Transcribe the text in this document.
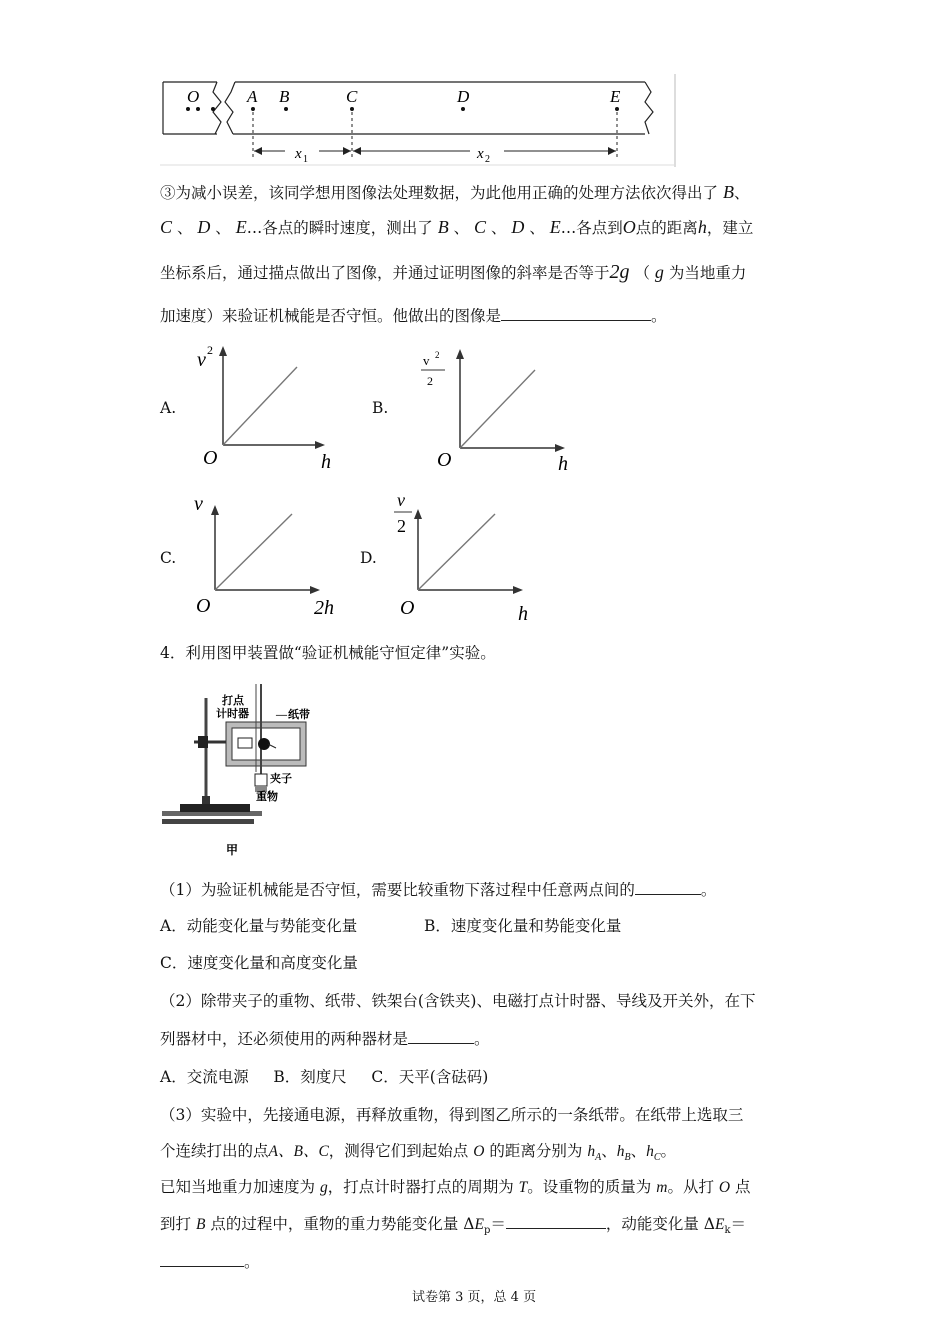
O	A B	C	D	E
x 1	x 2
③为减小误差，该同学想用图像法处理数据，为此他用正确的处理方法依次得出了 B、
C 、 D 、 E…各点的瞬时速度，测出了 B 、 C 、 D 、 E…各点到O点的距离h，建立
坐标系后，通过描点做出了图像，并通过证明图像的斜率是否等于2g （ g 为当地重力
加速度）来验证机械能是否守恒。他做出的图像是	。
A.
v 2
O	h
B.
v 2
2
O	h
C.
v
O	2h
D.
v
2
O	h
4．利用图甲装置做“验证机械能守恒定律”实验。
打点
计时器 — 纸带
夹子
重物
甲
（1）为验证机械能是否守恒，需要比较重物下落过程中任意两点间的	。
A．动能变化量与势能变化量	B．速度变化量和势能变化量
C．速度变化量和高度变化量
（2）除带夹子的重物、纸带、铁架台(含铁夹)、电磁打点计时器、导线及开关外，在下
列器材中，还必须使用的两种器材是	。
A．交流电源     B．刻度尺     C．天平(含砝码)
（3）实验中，先接通电源，再释放重物，得到图乙所示的一条纸带。在纸带上选取三
个连续打出的点A、B、C，测得它们到起始点 O 的距离分别为 $h_A$、$h_B$、$h_C$。
已知当地重力加速度为 g，打点计时器打点的周期为 T。设重物的质量为 m。从打 O 点
到打 B 点的过程中，重物的重力势能变化量 $\Delta E_p=$	，动能变化量 $\Delta E_k=$
。
试卷第 3 页，总 4 页
